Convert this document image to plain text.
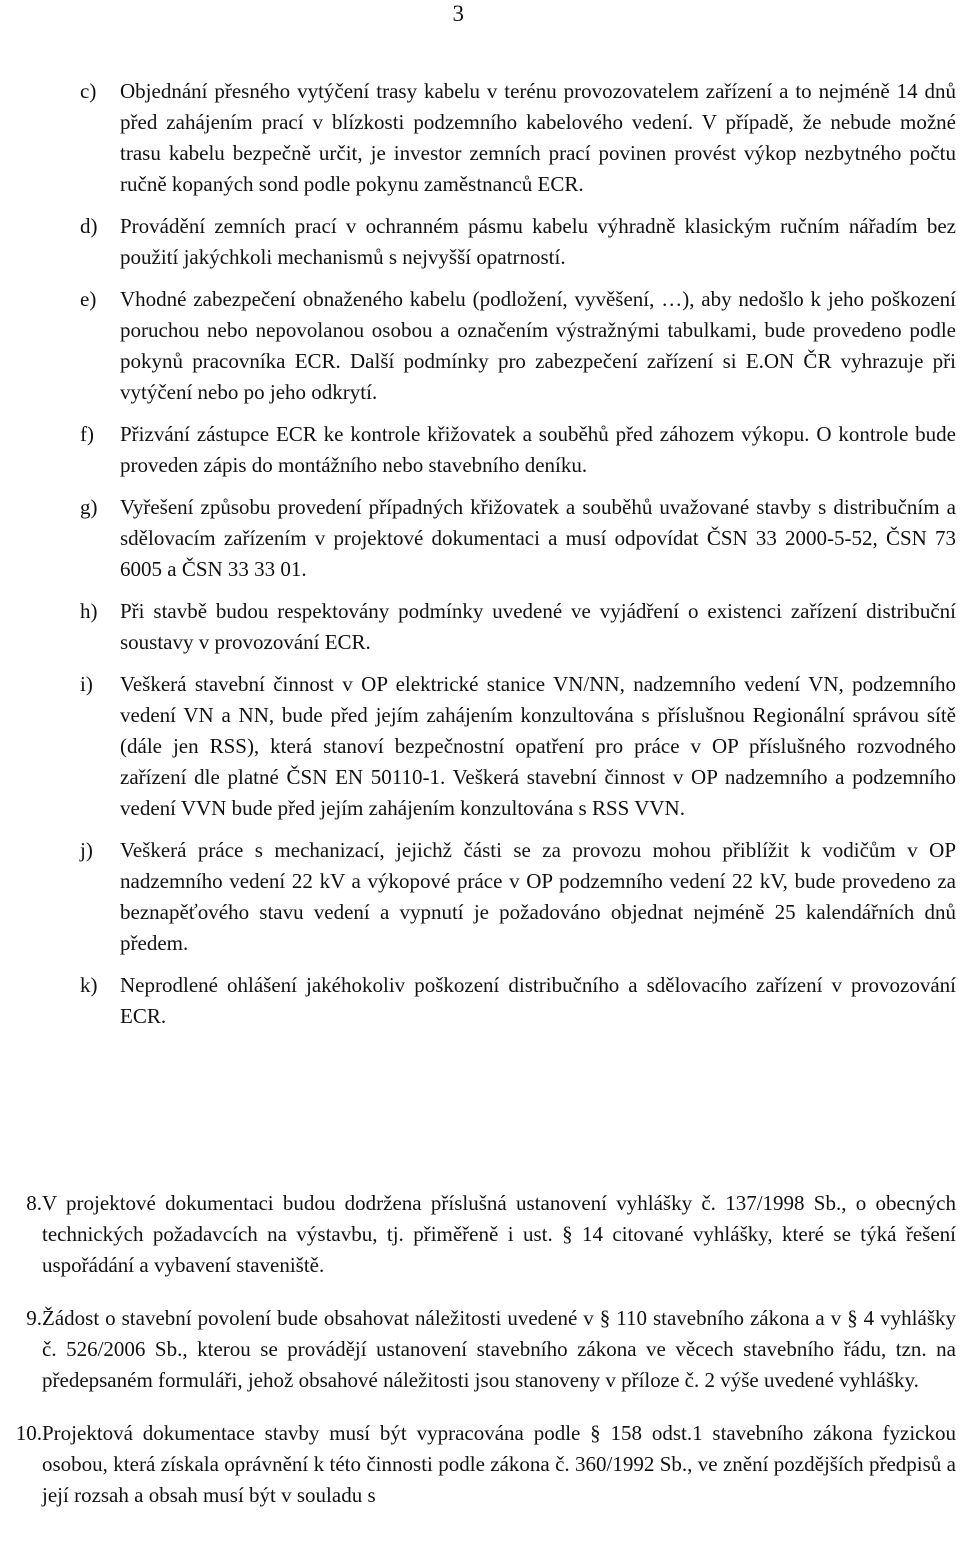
3
c)	Objednání přesného vytýčení trasy kabelu v terénu provozovatelem zařízení a to nejméně 14 dnů před zahájením prací v blízkosti podzemního kabelového vedení. V případě, že nebude možné trasu kabelu bezpečně určit, je investor zemních prací povinen provést výkop nezbytného počtu ručně kopaných sond podle pokynu zaměstnanců ECR.
d)	Provádění zemních prací v ochranném pásmu kabelu výhradně klasickým ručním nářadím bez použití jakýchkoli mechanismů s nejvyšší opatrností.
e)	Vhodné zabezpečení obnaženého kabelu (podložení, vyvěšení, …), aby nedošlo k jeho poškození poruchou nebo nepovolanou osobou a označením výstražnými tabulkami, bude provedeno podle pokynů pracovníka ECR. Další podmínky pro zabezpečení zařízení si E.ON ČR vyhrazuje při vytýčení nebo po jeho odkrytí.
f)	Přizvání zástupce ECR ke kontrole křižovatek a souběhů před záhozem výkopu. O kontrole bude proveden zápis do montážního nebo stavebního deníku.
g)	Vyřešení způsobu provedení případných křižovatek a souběhů uvažované stavby s distribučním a sdělovacím zařízením v projektové dokumentaci a musí odpovídat ČSN 33 2000-5-52, ČSN 73 6005 a ČSN 33 33 01.
h)	Při stavbě budou respektovány podmínky uvedené ve vyjádření o existenci zařízení distribuční soustavy v provozování ECR.
i)	Veškerá stavební činnost v OP elektrické stanice VN/NN, nadzemního vedení VN, podzemního vedení VN a NN, bude před jejím zahájením konzultována s příslušnou Regionální správou sítě (dále jen RSS), která stanoví bezpečnostní opatření pro práce v OP příslušného rozvodného zařízení dle platné ČSN EN 50110-1. Veškerá stavební činnost v OP nadzemního a podzemního vedení VVN bude před jejím zahájením konzultována s RSS VVN.
j)	Veškerá práce s mechanizací, jejichž části se za provozu mohou přiblížit k vodičům v OP nadzemního vedení 22 kV a výkopové práce v OP podzemního vedení 22 kV, bude provedeno za beznapěťového stavu vedení a vypnutí je požadováno objednat nejméně 25 kalendářních dnů předem.
k)	Neprodlené ohlášení jakéhokoliv poškození distribučního a sdělovacího zařízení v provozování ECR.
8. V projektové dokumentaci budou dodržena příslušná ustanovení vyhlášky č. 137/1998 Sb., o obecných technických požadavcích na výstavbu, tj. přiměřeně i ust. § 14 citované vyhlášky, které se týká řešení uspořádání a vybavení staveniště.
9. Žádost o stavební povolení bude obsahovat náležitosti uvedené v § 110 stavebního zákona a v § 4 vyhlášky č. 526/2006 Sb., kterou se provádějí ustanovení stavebního zákona ve věcech stavebního řádu, tzn. na předepsaném formuláři, jehož obsahové náležitosti jsou stanoveny v příloze č. 2 výše uvedené vyhlášky.
10. Projektová dokumentace stavby musí být vypracována podle § 158 odst.1 stavebního zákona fyzickou osobou, která získala oprávnění k této činnosti podle zákona č. 360/1992 Sb., ve znění pozdějších předpisů a její rozsah a obsah musí být v souladu s
